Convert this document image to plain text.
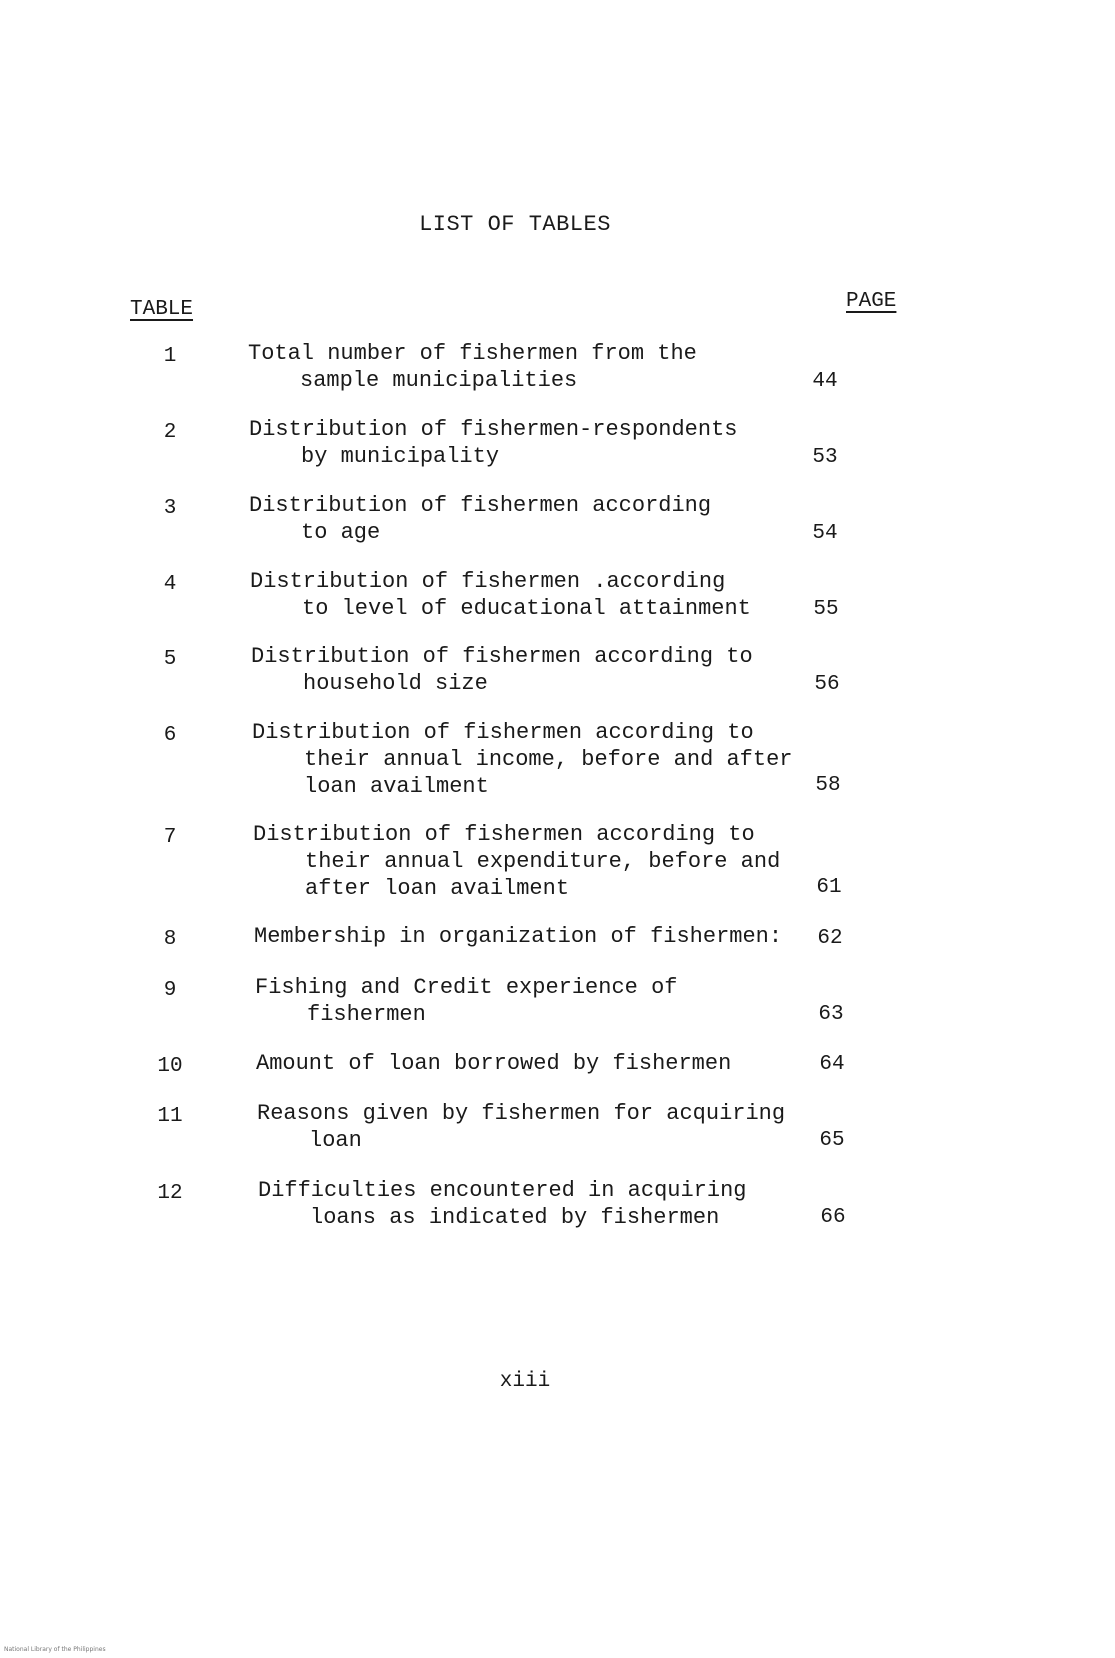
LIST OF TABLES
TABLE	PAGE
1	Total number of fishermen from the
sample municipalities	44
2	Distribution of fishermen-respondents
by municipality	53
3	Distribution of fishermen according
to age	54
4	Distribution of fishermen .according
to level of educational attainment	55
5	Distribution of fishermen according to
household size	56
6	Distribution of fishermen according to
their annual income, before and after
loan availment	58
7	Distribution of fishermen according to
their annual expenditure, before and
after loan availment	61
8	Membership in organization of fishermen:	62
9	Fishing and Credit experience of
fishermen	63
10	Amount of loan borrowed by fishermen	64
11	Reasons given by fishermen for acquiring
loan	65
12	Difficulties encountered in acquiring
loans as indicated by fishermen	66
xiii
National Library of the Philippines
